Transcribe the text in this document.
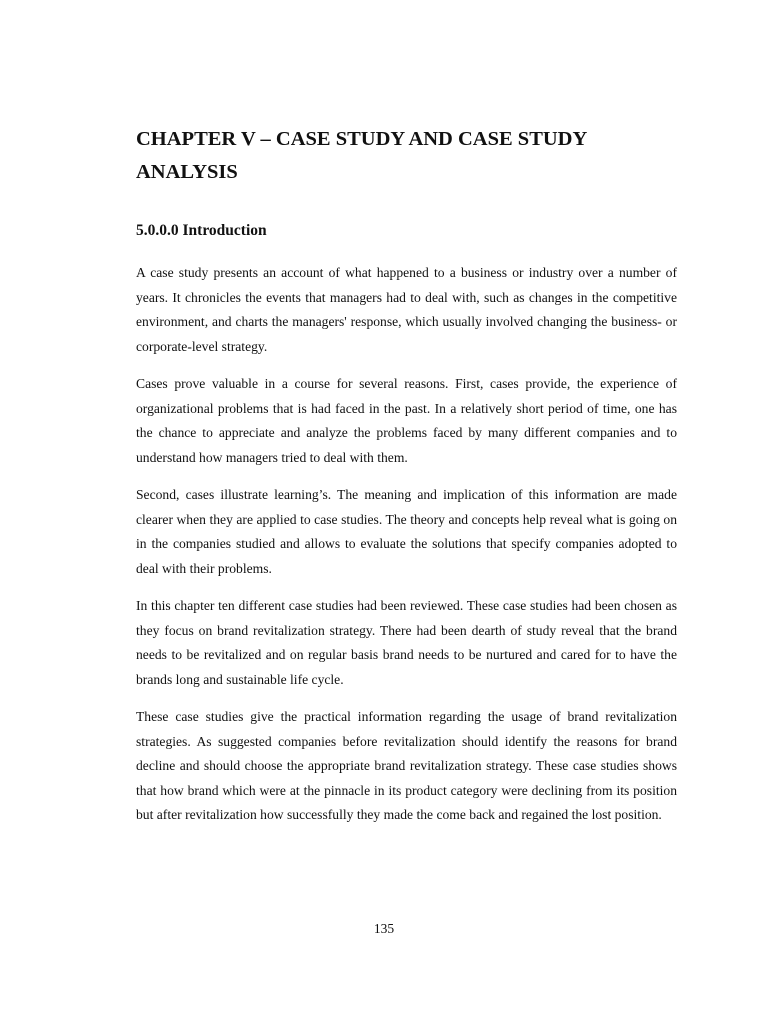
CHAPTER V – CASE STUDY AND CASE STUDY ANALYSIS
5.0.0.0 Introduction

A case study presents an account of what happened to a business or industry over a number of years. It chronicles the events that managers had to deal with, such as changes in the competitive environment, and charts the managers' response, which usually involved changing the business- or corporate-level strategy.

Cases prove valuable in a course for several reasons. First, cases provide, the experience of organizational problems that is had faced in the past. In a relatively short period of time, one has the chance to appreciate and analyze the problems faced by many different companies and to understand how managers tried to deal with them.

Second, cases illustrate learning’s. The meaning and implication of this information are made clearer when they are applied to case studies. The theory and concepts help reveal what is going on in the companies studied and allows to evaluate the solutions that specify companies adopted to deal with their problems.

In this chapter ten different case studies had been reviewed. These case studies had been chosen as they focus on brand revitalization strategy. There had been dearth of study reveal that the brand needs to be revitalized and on regular basis brand needs to be nurtured and cared for to have the brands long and sustainable life cycle.

These case studies give the practical information regarding the usage of brand revitalization strategies. As suggested companies before revitalization should identify the reasons for brand decline and should choose the appropriate brand revitalization strategy. These case studies shows that how brand which were at the pinnacle in its product category were declining from its position but after revitalization how successfully they made the come back and regained the lost position.

135
